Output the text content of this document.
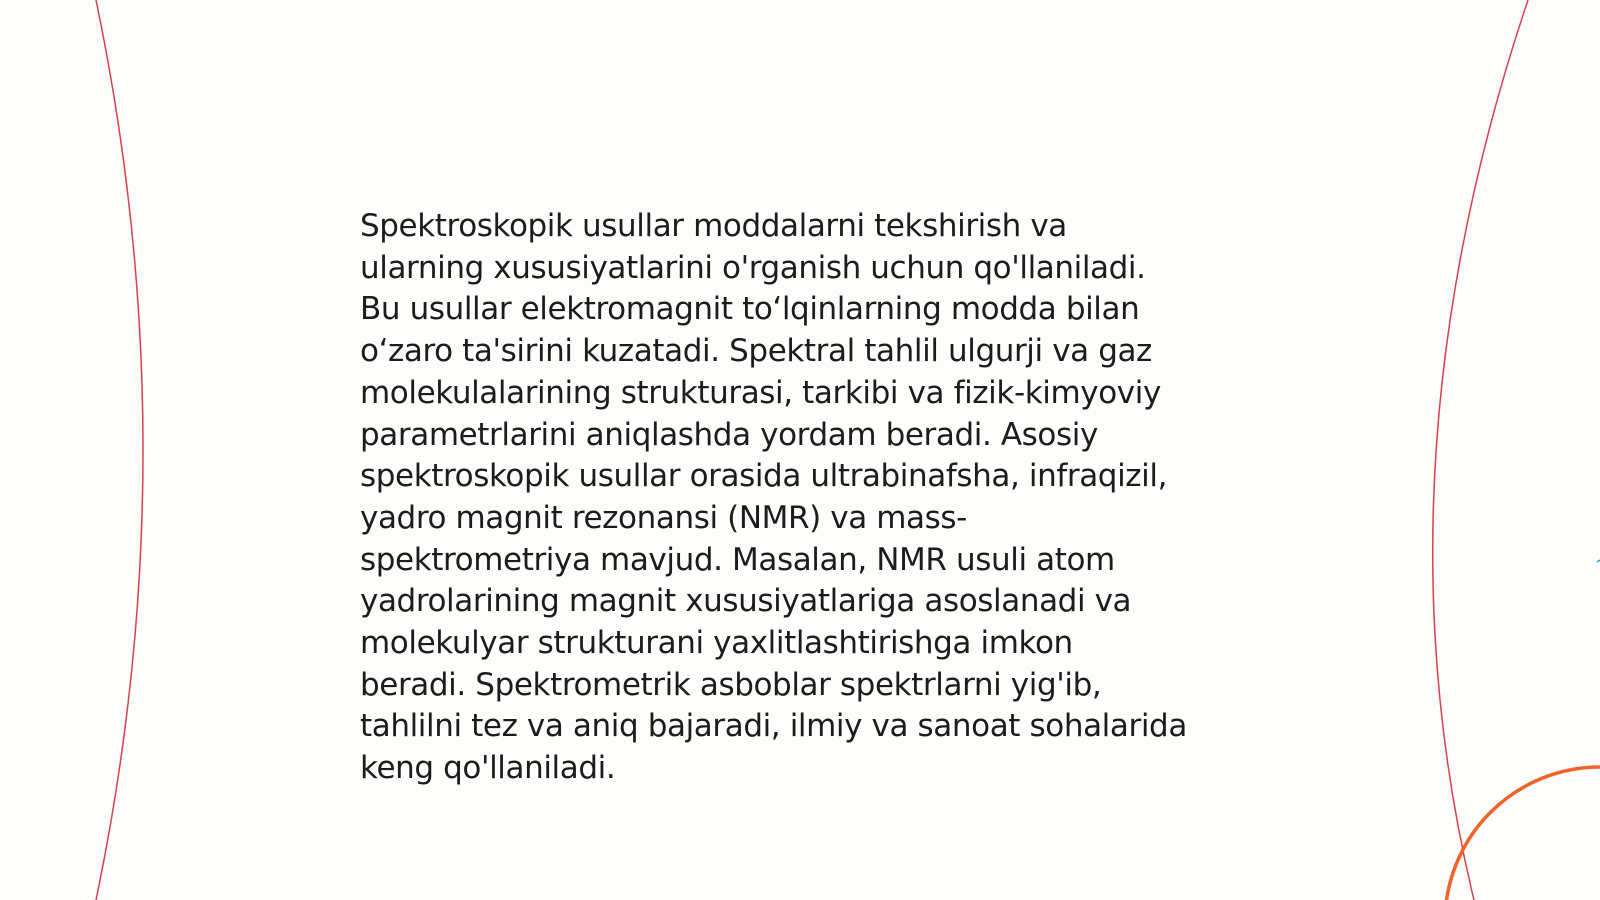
Spektroskopik usullar moddalarni tekshirish va
ularning xususiyatlarini o'rganish uchun qo'llaniladi.
Bu usullar elektromagnit to‘lqinlarning modda bilan
o‘zaro ta'sirini kuzatadi. Spektral tahlil ulgurji va gaz
molekulalarining strukturasi, tarkibi va fizik-kimyoviy
parametrlarini aniqlashda yordam beradi. Asosiy
spektroskopik usullar orasida ultrabinafsha, infraqizil,
yadro magnit rezonansi (NMR) va mass-
spektrometriya mavjud. Masalan, NMR usuli atom
yadrolarining magnit xususiyatlariga asoslanadi va
molekulyar strukturani yaxlitlashtirishga imkon
beradi. Spektrometrik asboblar spektrlarni yig'ib,
tahlilni tez va aniq bajaradi, ilmiy va sanoat sohalarida
keng qo'llaniladi.
